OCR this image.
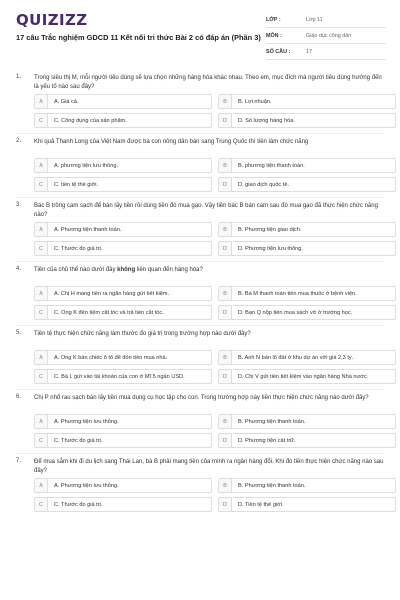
QUIZIZZ
17 câu Trắc nghiệm GDCD 11 Kết nối tri thức Bài 2 có đáp án (Phần 3)
LỚP :	Lớp 11
MÔN :	Giáo dục công dân
SỐ CÂU :	17
1. Trong siêu thị M, mỗi người tiêu dùng sẽ lựa chọn những hàng hóa khác nhau. Theo em, mục đích mà người tiêu dùng hướng đến là yếu tố nào sau đây?
A	A. Giá cả.	B	B. Lợi nhuận.
C	C. Công dụng của sản phẩm.	D	D. Số lượng hàng hóa.
2. Khi quả Thanh Long của Việt Nam được bà con nông dân bán sang Trung Quốc thì tiền làm chức năng
A	A. phương tiện lưu thông.	B	B. phương tiện thanh toán.
C	C. tiền tệ thế giới.	D	D. giao dịch quốc tế.
3. Bác B trồng cam sạch để bán lấy tiền rồi dùng tiền đó mua gạo. Vậy tiền bác B bán cam sau đó mua gạo đã thực hiện chức năng nào?
A	A. Phương tiện thanh toán.	B	B. Phương tiện giao dịch.
C	C. Thước đo giá trị.	D	D. Phương tiện lưu thông.
4. Tiền của chủ thể nào dưới đây không liên quan đến hàng hóa?
A	A. Chị H mang tiền ra ngân hàng gửi tiết kiệm.	B	B. Bà M thanh toán tiền mua thuốc ở bệnh viện.
C	C. Ông K đến tiệm cắt tóc và trả tiền cắt tóc.	D	D. Bạn Q nộp tiền mua sách vở ở trường học.
5. Tiền tệ thực hiện chức năng làm thước đo giá trị trong trường hợp nào dưới đây?
A	A. Ông K bán chiếc ô tô để đón tiền mua nhà.	B	B. Anh N bán lô đất ở khu dự án với giá 2,3 tỷ.
C	C. Bà L gửi vào tài khoản của con ở Mĩ 5 ngàn USD.	D	D. Chị V gửi tiền tiết kiệm vào ngân hàng Nhà nước.
6. Chị P nhổ rau sạch bán lấy tiền mua dụng cụ học tập cho con. Trong trường hợp này tiền thực hiện chức năng nào dưới đây?
A	A. Phương tiện lưu thông.	B	B. Phương tiện thanh toán.
C	C. Thước đo giá trị.	D	D. Phương tiện cất trữ.
7. Để mua sắm khi đi du lịch sang Thái Lan, bà B phải mang tiền của mình ra ngân hàng đổi. Khi đó tiền thực hiện chức năng nào sau đây?
A	A. Phương tiện lưu thông.	B	B. Phương tiện thanh toán.
C	C. Thước đo giá trị.	D	D. Tiền tệ thế giới.
